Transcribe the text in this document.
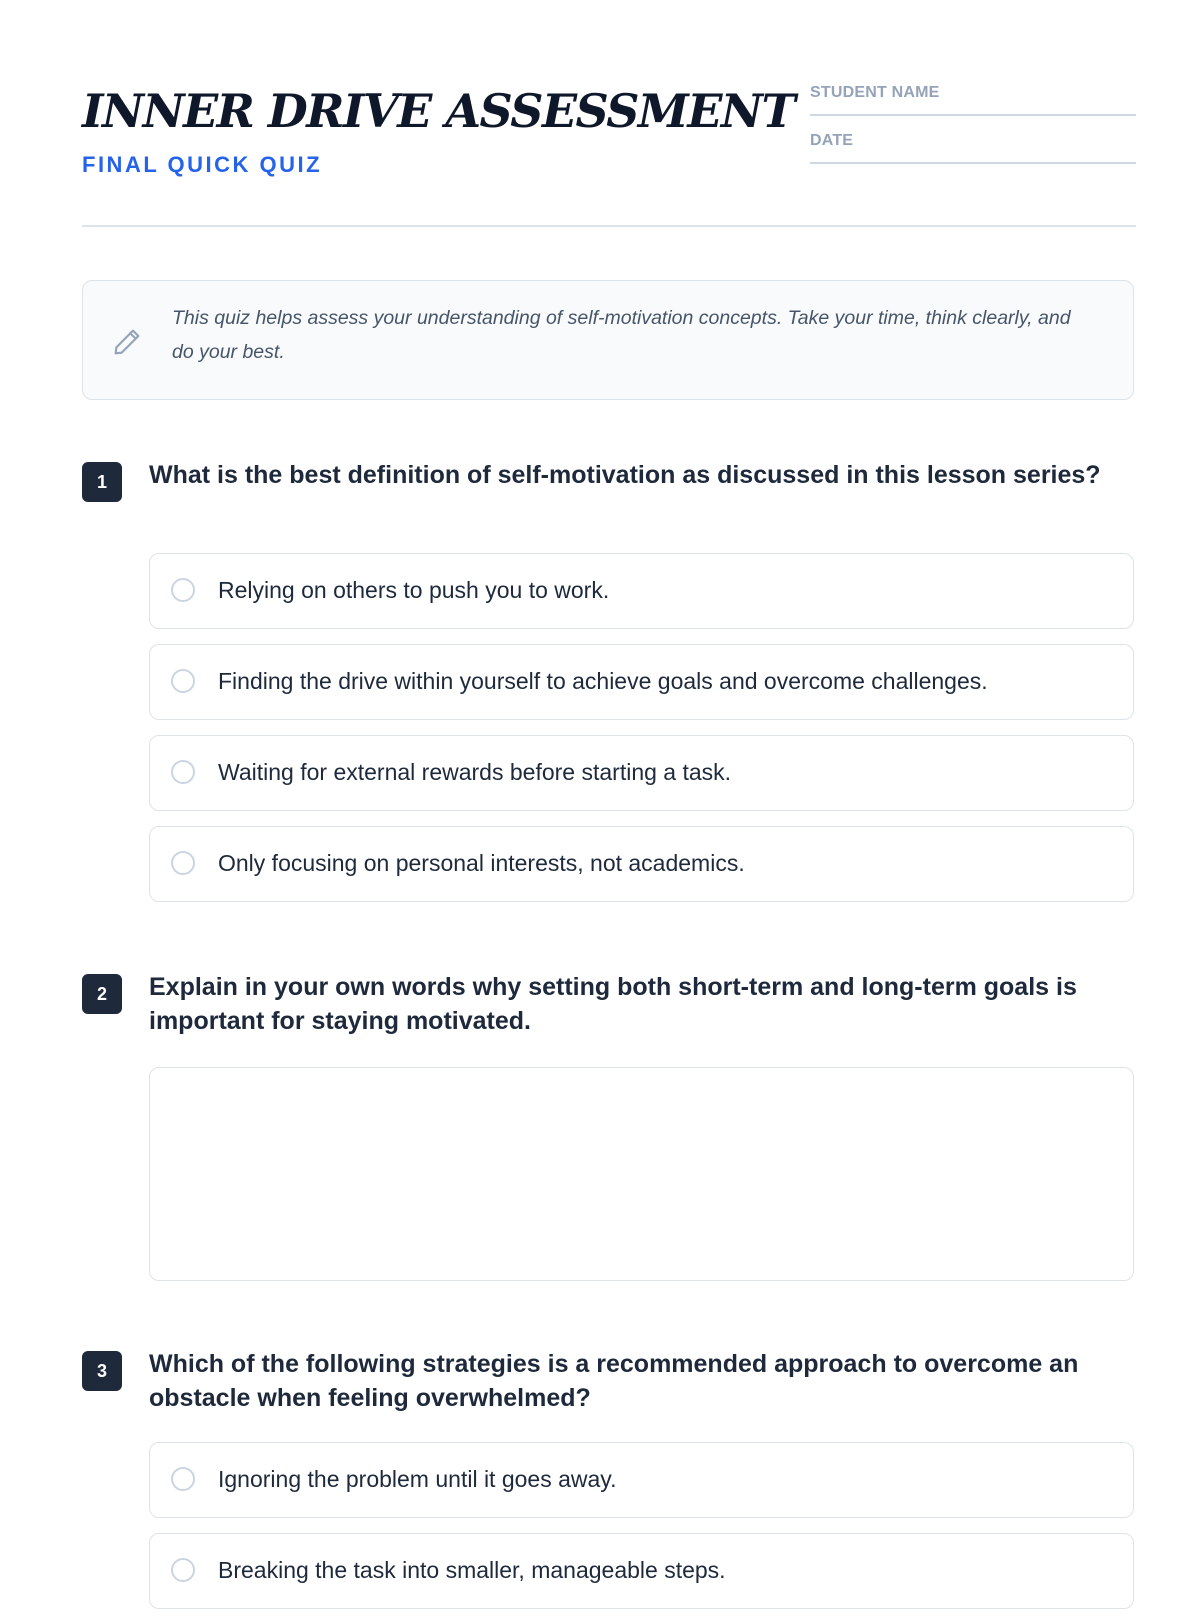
INNER DRIVE ASSESSMENT
FINAL QUICK QUIZ
STUDENT NAME
DATE

This quiz helps assess your understanding of self-motivation concepts. Take your time, think clearly, and do your best.

1	What is the best definition of self-motivation as discussed in this lesson series?

Relying on others to push you to work.
Finding the drive within yourself to achieve goals and overcome challenges.
Waiting for external rewards before starting a task.
Only focusing on personal interests, not academics.
2	Explain in your own words why setting both short-term and long-term goals is important for staying motivated.

3	Which of the following strategies is a recommended approach to overcome an obstacle when feeling overwhelmed?

Ignoring the problem until it goes away.
Breaking the task into smaller, manageable steps.
